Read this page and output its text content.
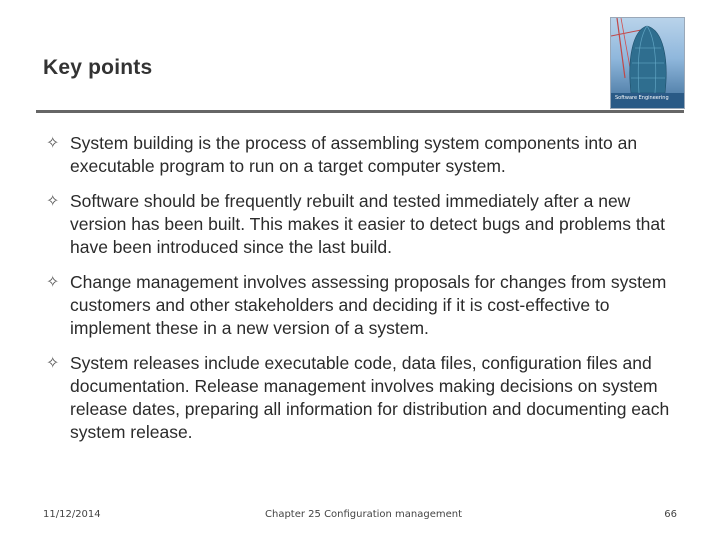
Key points
Software Engineering
✧ System building is the process of assembling system components into an executable program to run on a target computer system.
✧ Software should be frequently rebuilt and tested immediately after a new version has been built. This makes it easier to detect bugs and problems that have been introduced since the last build.
✧ Change management involves assessing proposals for changes from system customers and other stakeholders and deciding if it is cost-effective to implement these in a new version of a system.
✧ System releases include executable code, data files, configuration files and documentation. Release management involves making decisions on system release dates, preparing all information for distribution and documenting each system release.
11/12/2014	Chapter 25 Configuration management	66
